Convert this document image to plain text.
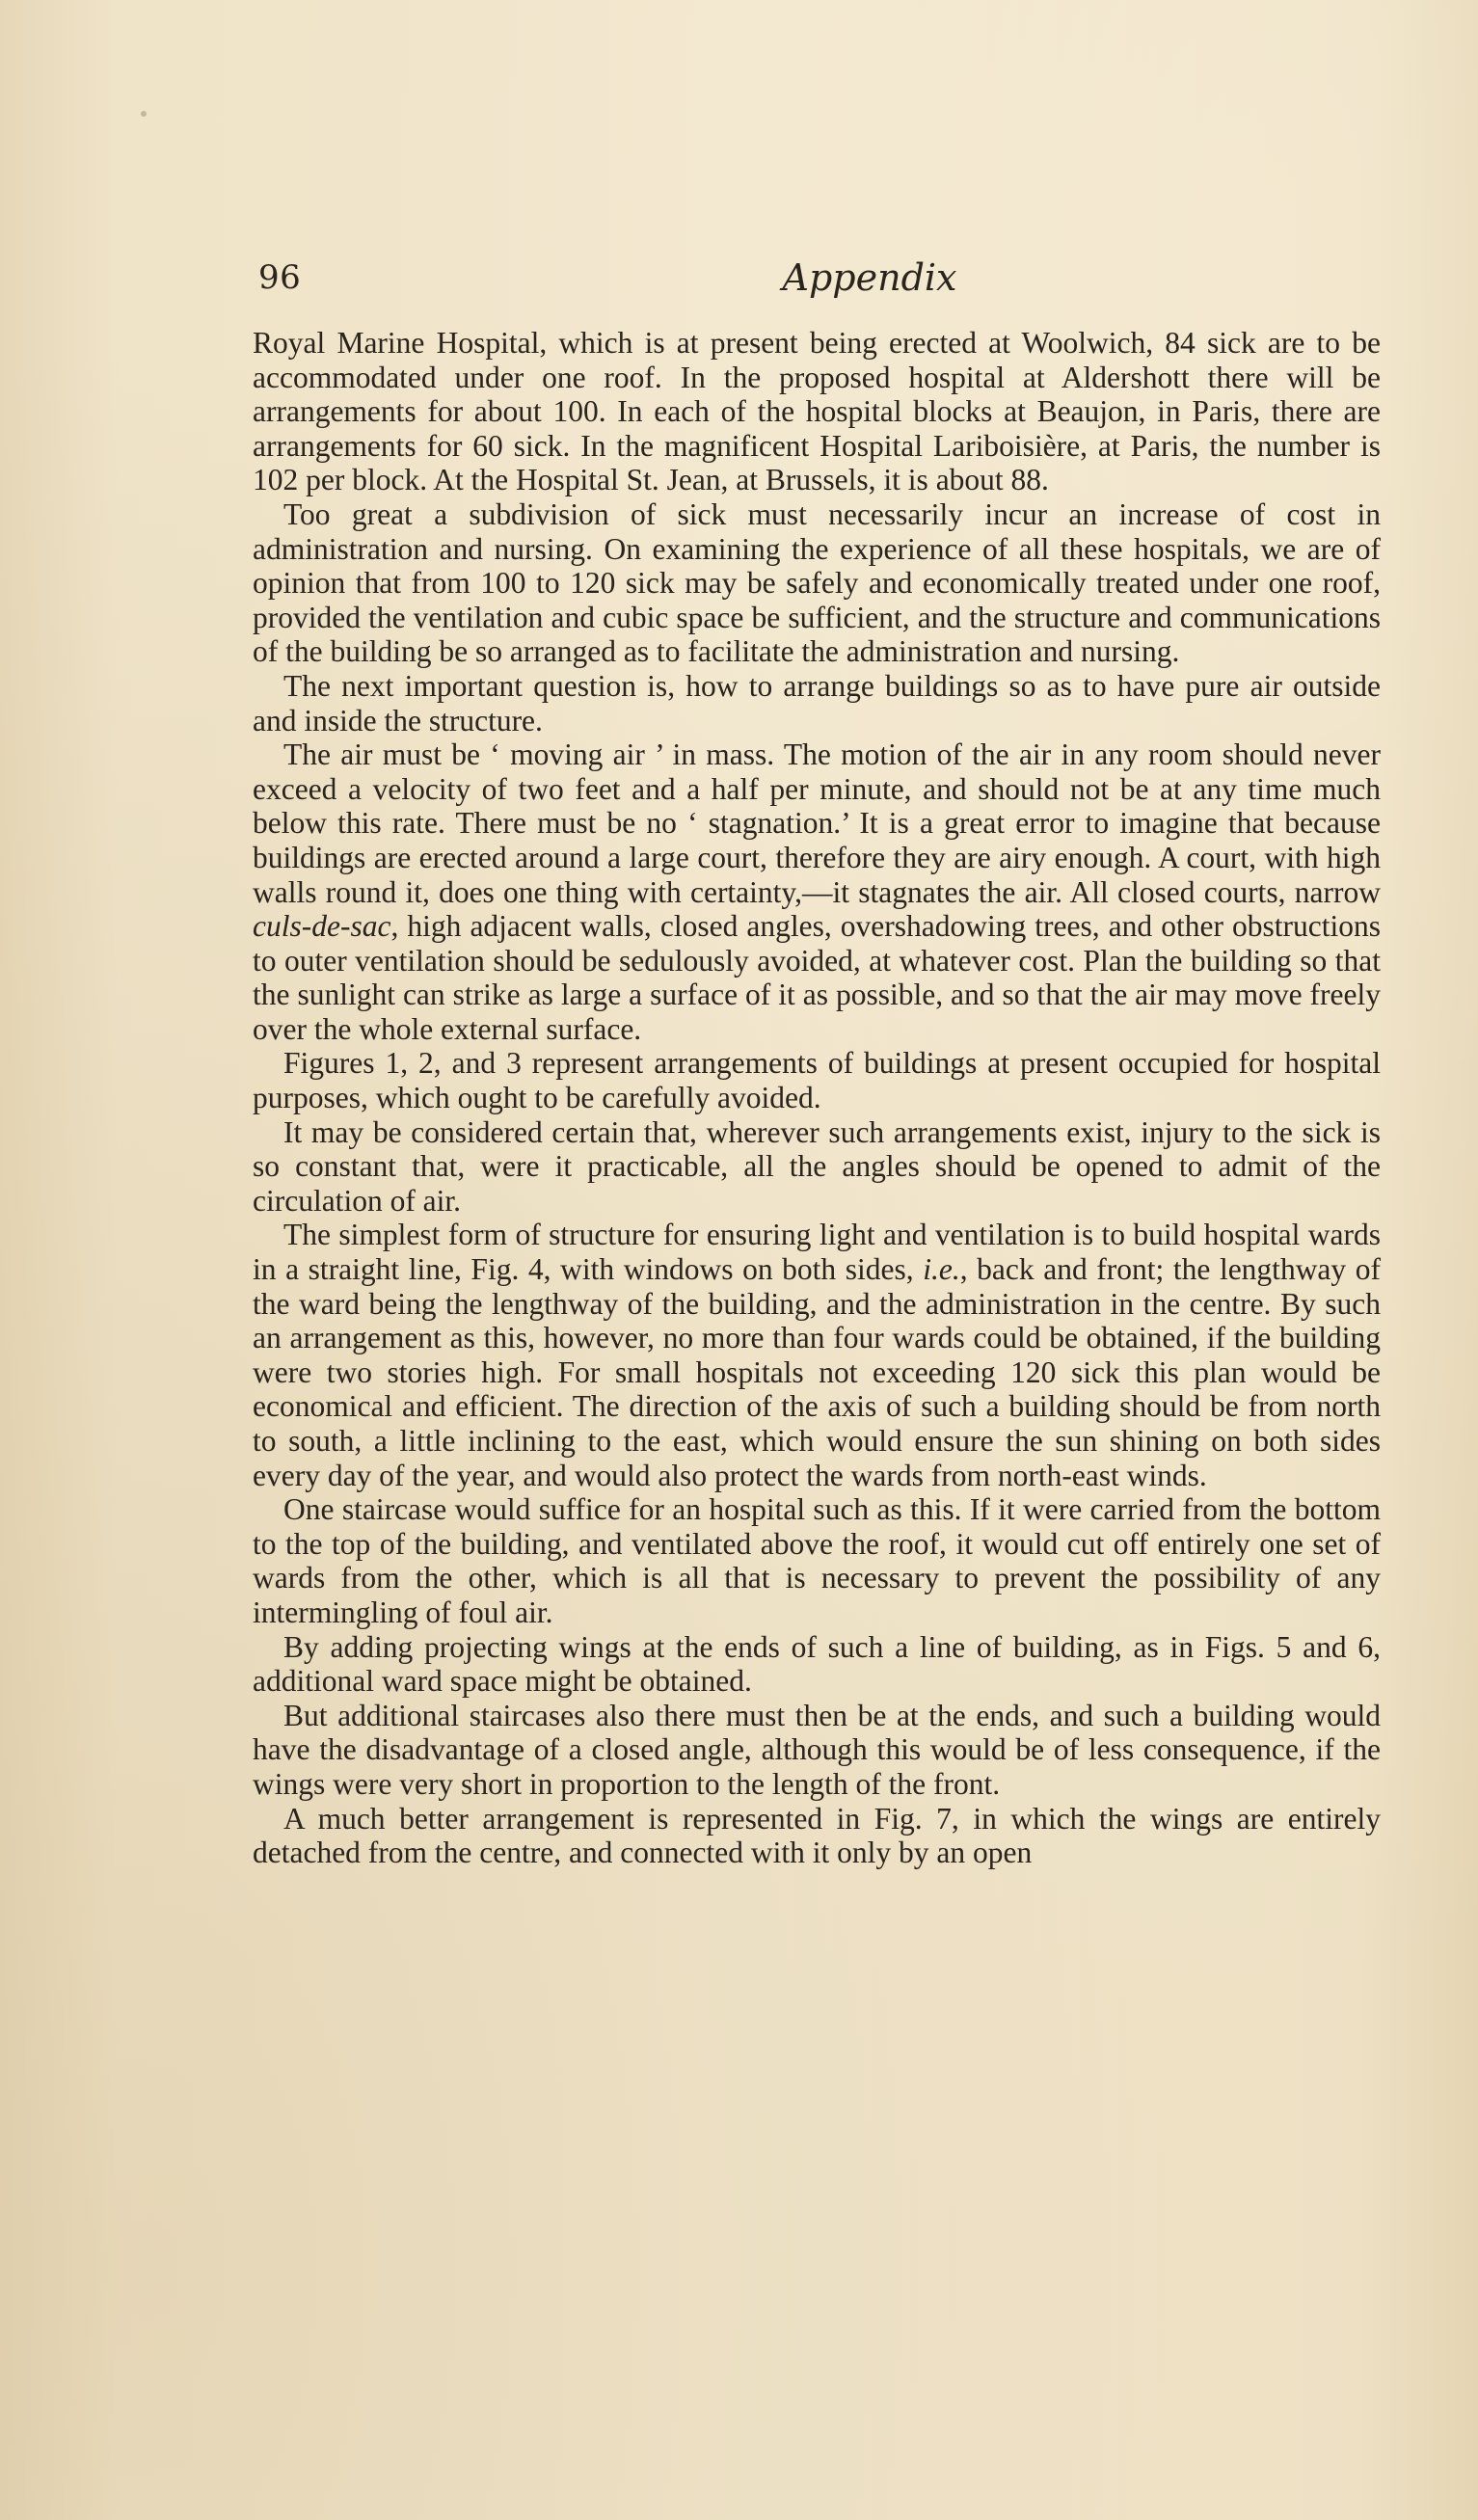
96	Appendix

Royal Marine Hospital, which is at present being erected at Woolwich, 84 sick are to be accommodated under one roof. In the proposed hospital at Aldershott there will be arrangements for about 100. In each of the hospital blocks at Beaujon, in Paris, there are arrangements for 60 sick. In the magnificent Hospital Lariboisière, at Paris, the number is 102 per block. At the Hospital St. Jean, at Brussels, it is about 88.

Too great a subdivision of sick must necessarily incur an increase of cost in administration and nursing. On examining the experience of all these hospitals, we are of opinion that from 100 to 120 sick may be safely and economically treated under one roof, provided the ventilation and cubic space be sufficient, and the structure and communications of the building be so arranged as to facilitate the administration and nursing.

The next important question is, how to arrange buildings so as to have pure air outside and inside the structure.

The air must be ‘ moving air ’ in mass. The motion of the air in any room should never exceed a velocity of two feet and a half per minute, and should not be at any time much below this rate. There must be no ‘ stagnation.’ It is a great error to imagine that because buildings are erected around a large court, therefore they are airy enough. A court, with high walls round it, does one thing with certainty,—it stagnates the air. All closed courts, narrow culs-de-sac, high adjacent walls, closed angles, overshadowing trees, and other obstructions to outer ventilation should be sedulously avoided, at whatever cost. Plan the building so that the sunlight can strike as large a surface of it as possible, and so that the air may move freely over the whole external surface.

Figures 1, 2, and 3 represent arrangements of buildings at present occupied for hospital purposes, which ought to be carefully avoided.

It may be considered certain that, wherever such arrangements exist, injury to the sick is so constant that, were it practicable, all the angles should be opened to admit of the circulation of air.

The simplest form of structure for ensuring light and ventilation is to build hospital wards in a straight line, Fig. 4, with windows on both sides, i.e., back and front; the lengthway of the ward being the lengthway of the building, and the administration in the centre. By such an arrangement as this, however, no more than four wards could be obtained, if the building were two stories high. For small hospitals not exceeding 120 sick this plan would be economical and efficient. The direction of the axis of such a building should be from north to south, a little inclining to the east, which would ensure the sun shining on both sides every day of the year, and would also protect the wards from north-east winds.

One staircase would suffice for an hospital such as this. If it were carried from the bottom to the top of the building, and ventilated above the roof, it would cut off entirely one set of wards from the other, which is all that is necessary to prevent the possibility of any intermingling of foul air.

By adding projecting wings at the ends of such a line of building, as in Figs. 5 and 6, additional ward space might be obtained.

But additional staircases also there must then be at the ends, and such a building would have the disadvantage of a closed angle, although this would be of less consequence, if the wings were very short in proportion to the length of the front.

A much better arrangement is represented in Fig. 7, in which the wings are entirely detached from the centre, and connected with it only by an open
